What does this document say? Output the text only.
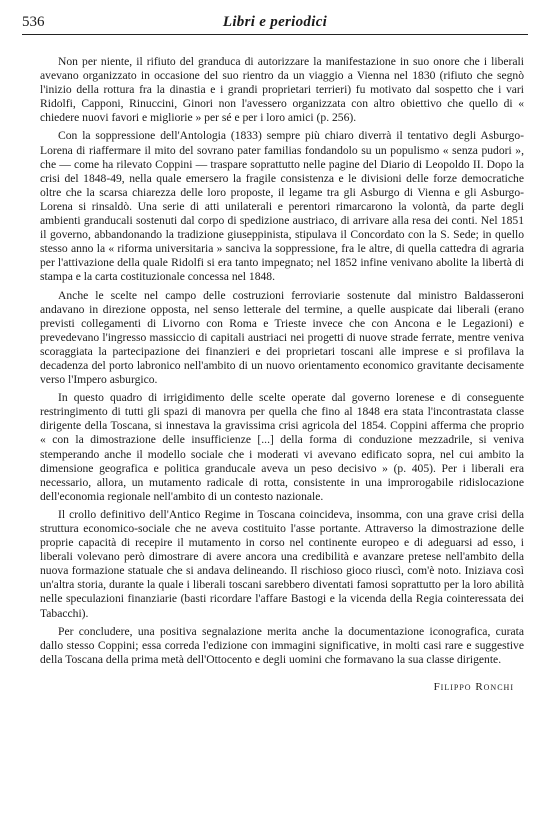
536	Libri e periodici

Non per niente, il rifiuto del granduca di autorizzare la manifestazione in suo onore che i liberali avevano organizzato in occasione del suo rientro da un viaggio a Vienna nel 1830 (rifiuto che segnò l'inizio della rottura fra la dinastia e i grandi proprietari terrieri) fu motivato dal sospetto che i vari Ridolfi, Capponi, Rinuccini, Ginori non l'avessero organizzata con altro obiettivo che quello di « chiedere nuovi favori e migliorie » per sé e per i loro amici (p. 256).

Con la soppressione dell'Antologia (1833) sempre più chiaro diverrà il tentativo degli Asburgo-Lorena di riaffermare il mito del sovrano pater familias fondandolo su un populismo « senza pudori », che — come ha rilevato Coppini — traspare soprattutto nelle pagine del Diario di Leopoldo II. Dopo la crisi del 1848-49, nella quale emersero la fragile consistenza e le divisioni delle forze democratiche oltre che la scarsa chiarezza delle loro proposte, il legame tra gli Asburgo di Vienna e gli Asburgo-Lorena si rinsaldò. Una serie di atti unilaterali e perentori rimarcarono la volontà, da parte degli ambienti granducali sostenuti dal corpo di spedizione austriaco, di arrivare alla resa dei conti. Nel 1851 il governo, abbandonando la tradizione giuseppinista, stipulava il Concordato con la S. Sede; in quello stesso anno la « riforma universitaria » sanciva la soppressione, fra le altre, di quella cattedra di agraria per l'attivazione della quale Ridolfi si era tanto impegnato; nel 1852 infine venivano abolite la libertà di stampa e la carta costituzionale concessa nel 1848.

Anche le scelte nel campo delle costruzioni ferroviarie sostenute dal ministro Baldasseroni andavano in direzione opposta, nel senso letterale del termine, a quelle auspicate dai liberali (erano previsti collegamenti di Livorno con Roma e Trieste invece che con Ancona e le Legazioni) e prevedevano l'ingresso massiccio di capitali austriaci nei progetti di nuove strade ferrate, mentre veniva scoraggiata la partecipazione dei finanzieri e dei proprietari toscani alle imprese e si profilava la decadenza del porto labronico nell'ambito di un nuovo orientamento economico gravitante decisamente verso l'Impero asburgico.

In questo quadro di irrigidimento delle scelte operate dal governo lorenese e di conseguente restringimento di tutti gli spazi di manovra per quella che fino al 1848 era stata l'incontrastata classe dirigente della Toscana, si innestava la gravissima crisi agricola del 1854. Coppini afferma che proprio « con la dimostrazione delle insufficienze [...] della forma di conduzione mezzadrile, si veniva stemperando anche il modello sociale che i moderati vi avevano edificato sopra, nel cui ambito la dimensione geografica e politica granducale aveva un peso decisivo » (p. 405). Per i liberali era necessario, allora, un mutamento radicale di rotta, consistente in una improrogabile ridislocazione dell'economia regionale nell'ambito di un contesto nazionale.

Il crollo definitivo dell'Antico Regime in Toscana coincideva, insomma, con una grave crisi della struttura economico-sociale che ne aveva costituito l'asse portante. Attraverso la dimostrazione delle proprie capacità di recepire il mutamento in corso nel continente europeo e di adeguarsi ad esso, i liberali volevano però dimostrare di avere ancora una credibilità e avanzare pretese nell'ambito della nuova formazione statuale che si andava delineando. Il rischioso gioco riuscì, com'è noto. Iniziava così un'altra storia, durante la quale i liberali toscani sarebbero diventati famosi soprattutto per la loro abilità nelle speculazioni finanziarie (basti ricordare l'affare Bastogi e la vicenda della Regia cointeressata dei Tabacchi).

Per concludere, una positiva segnalazione merita anche la documentazione iconografica, curata dallo stesso Coppini; essa correda l'edizione con immagini significative, in molti casi rare e suggestive della Toscana della prima metà dell'Ottocento e degli uomini che formavano la sua classe dirigente.

Filippo Ronchi
